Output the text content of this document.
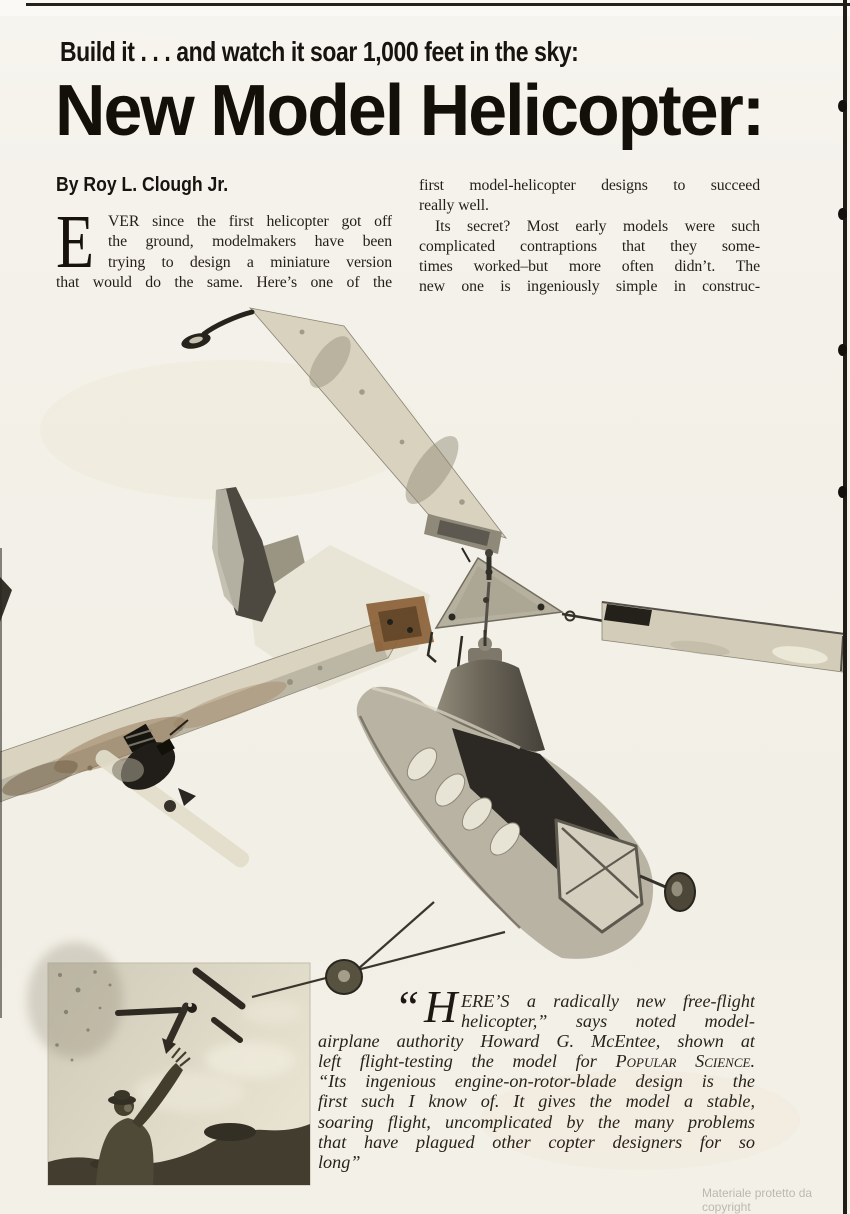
Build it . . . and watch it soar 1,000 feet in the sky:
New Model Helicopter:
By Roy L. Clough Jr.
E VER since the first helicopter got off
the ground, modelmakers have been
trying to design a miniature version
that would do the same. Here’s one of the
first model-helicopter designs to succeed
really well.
Its secret? Most early models were such
complicated contraptions that they some-
times worked–but more often didn’t. The
new one is ingeniously simple in construc-
“ H ERE’S a radically new free-flight
helicopter,” says noted model-
airplane authority Howard G. McEntee, shown at
left flight-testing the model for Popular Science.
“Its ingenious engine-on-rotor-blade design is the
first such I know of. It gives the model a stable,
soaring flight, uncomplicated by the many problems
that have plagued other copter designers for so
long”
Materiale protetto da copyright
